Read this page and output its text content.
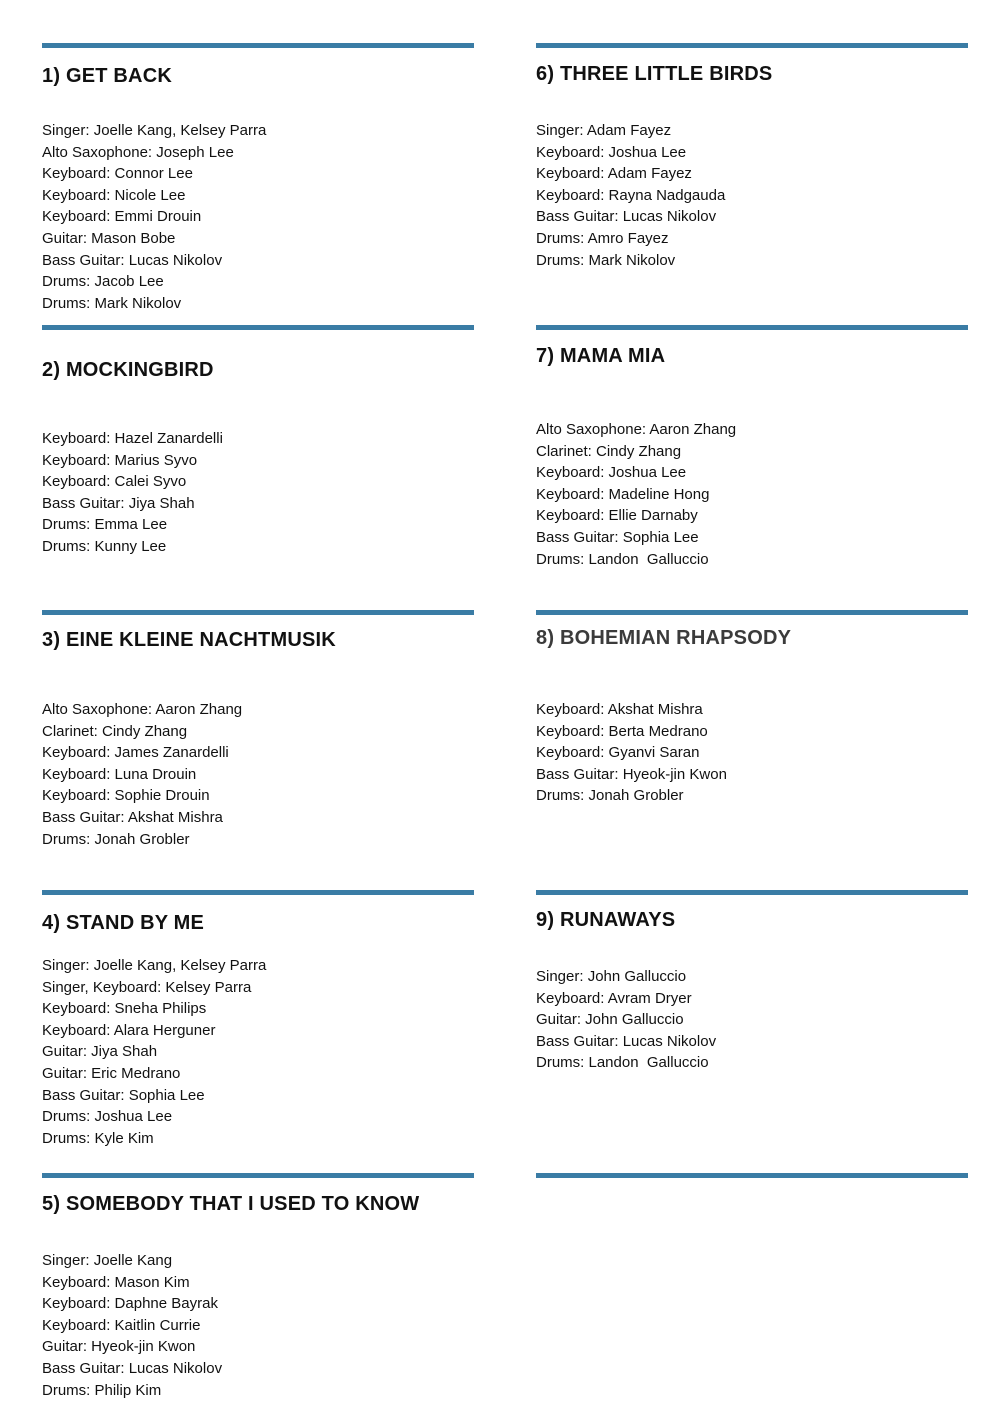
1) GET BACK
Singer: Joelle Kang, Kelsey Parra
Alto Saxophone: Joseph Lee
Keyboard: Connor Lee
Keyboard: Nicole Lee
Keyboard: Emmi Drouin
Guitar: Mason Bobe
Bass Guitar: Lucas Nikolov
Drums: Jacob Lee
Drums: Mark Nikolov
2) MOCKINGBIRD
Keyboard: Hazel Zanardelli
Keyboard: Marius Syvo
Keyboard: Calei Syvo
Bass Guitar: Jiya Shah
Drums: Emma Lee
Drums: Kunny Lee
3) EINE KLEINE NACHTMUSIK
Alto Saxophone: Aaron Zhang
Clarinet: Cindy Zhang
Keyboard: James Zanardelli
Keyboard: Luna Drouin
Keyboard: Sophie Drouin
Bass Guitar: Akshat Mishra
Drums: Jonah Grobler
4) STAND BY ME
Singer: Joelle Kang, Kelsey Parra
Singer, Keyboard: Kelsey Parra
Keyboard: Sneha Philips
Keyboard: Alara Herguner
Guitar: Jiya Shah
Guitar: Eric Medrano
Bass Guitar: Sophia Lee
Drums: Joshua Lee
Drums: Kyle Kim
5) SOMEBODY THAT I USED TO KNOW
Singer: Joelle Kang
Keyboard: Mason Kim
Keyboard: Daphne Bayrak
Keyboard: Kaitlin Currie
Guitar: Hyeok-jin Kwon
Bass Guitar: Lucas Nikolov
Drums: Philip Kim
6) THREE LITTLE BIRDS
Singer: Adam Fayez
Keyboard: Joshua Lee
Keyboard: Adam Fayez
Keyboard: Rayna Nadgauda
Bass Guitar: Lucas Nikolov
Drums: Amro Fayez
Drums: Mark Nikolov
7) MAMA MIA
Alto Saxophone: Aaron Zhang
Clarinet: Cindy Zhang
Keyboard: Joshua Lee
Keyboard: Madeline Hong
Keyboard: Ellie Darnaby
Bass Guitar: Sophia Lee
Drums: Landon  Galluccio
8) BOHEMIAN RHAPSODY
Keyboard: Akshat Mishra
Keyboard: Berta Medrano
Keyboard: Gyanvi Saran
Bass Guitar: Hyeok-jin Kwon
Drums: Jonah Grobler
9) RUNAWAYS
Singer: John Galluccio
Keyboard: Avram Dryer
Guitar: John Galluccio
Bass Guitar: Lucas Nikolov
Drums: Landon  Galluccio
